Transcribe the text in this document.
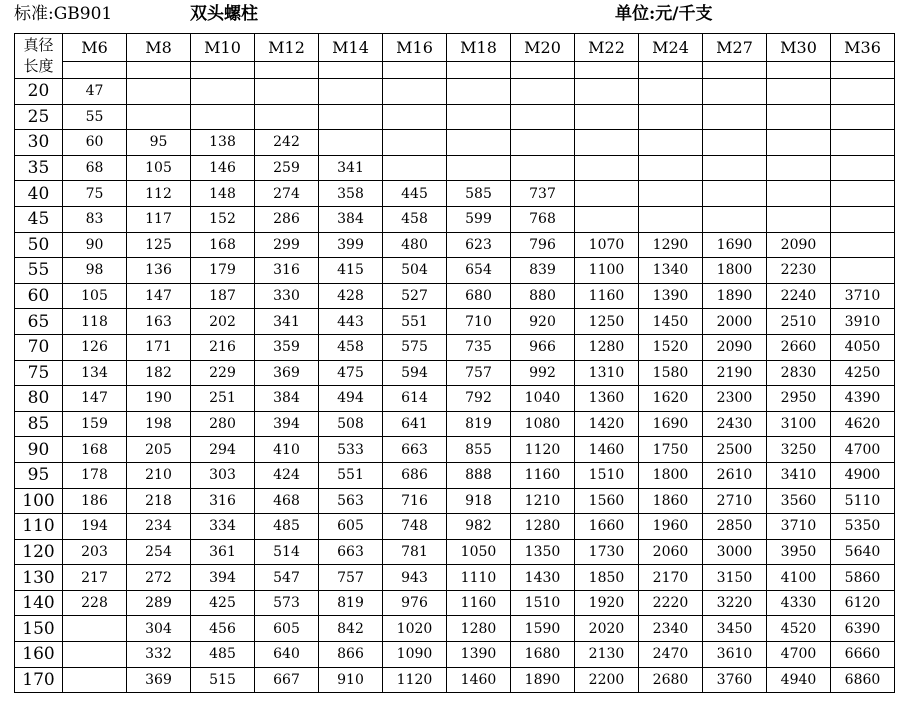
标准:GB901	双头螺柱	单位:元/千支
真径
长度	M6	M8	M10	M12	M14	M16	M18	M20	M22	M24	M27	M30	M36

20	47												
25	55												
30	60	95	138	242									
35	68	105	146	259	341								
40	75	112	148	274	358	445	585	737					
45	83	117	152	286	384	458	599	768					
50	90	125	168	299	399	480	623	796	1070	1290	1690	2090	
55	98	136	179	316	415	504	654	839	1100	1340	1800	2230	
60	105	147	187	330	428	527	680	880	1160	1390	1890	2240	3710
65	118	163	202	341	443	551	710	920	1250	1450	2000	2510	3910
70	126	171	216	359	458	575	735	966	1280	1520	2090	2660	4050
75	134	182	229	369	475	594	757	992	1310	1580	2190	2830	4250
80	147	190	251	384	494	614	792	1040	1360	1620	2300	2950	4390
85	159	198	280	394	508	641	819	1080	1420	1690	2430	3100	4620
90	168	205	294	410	533	663	855	1120	1460	1750	2500	3250	4700
95	178	210	303	424	551	686	888	1160	1510	1800	2610	3410	4900
100	186	218	316	468	563	716	918	1210	1560	1860	2710	3560	5110
110	194	234	334	485	605	748	982	1280	1660	1960	2850	3710	5350
120	203	254	361	514	663	781	1050	1350	1730	2060	3000	3950	5640
130	217	272	394	547	757	943	1110	1430	1850	2170	3150	4100	5860
140	228	289	425	573	819	976	1160	1510	1920	2220	3220	4330	6120
150		304	456	605	842	1020	1280	1590	2020	2340	3450	4520	6390
160		332	485	640	866	1090	1390	1680	2130	2470	3610	4700	6660
170		369	515	667	910	1120	1460	1890	2200	2680	3760	4940	6860
